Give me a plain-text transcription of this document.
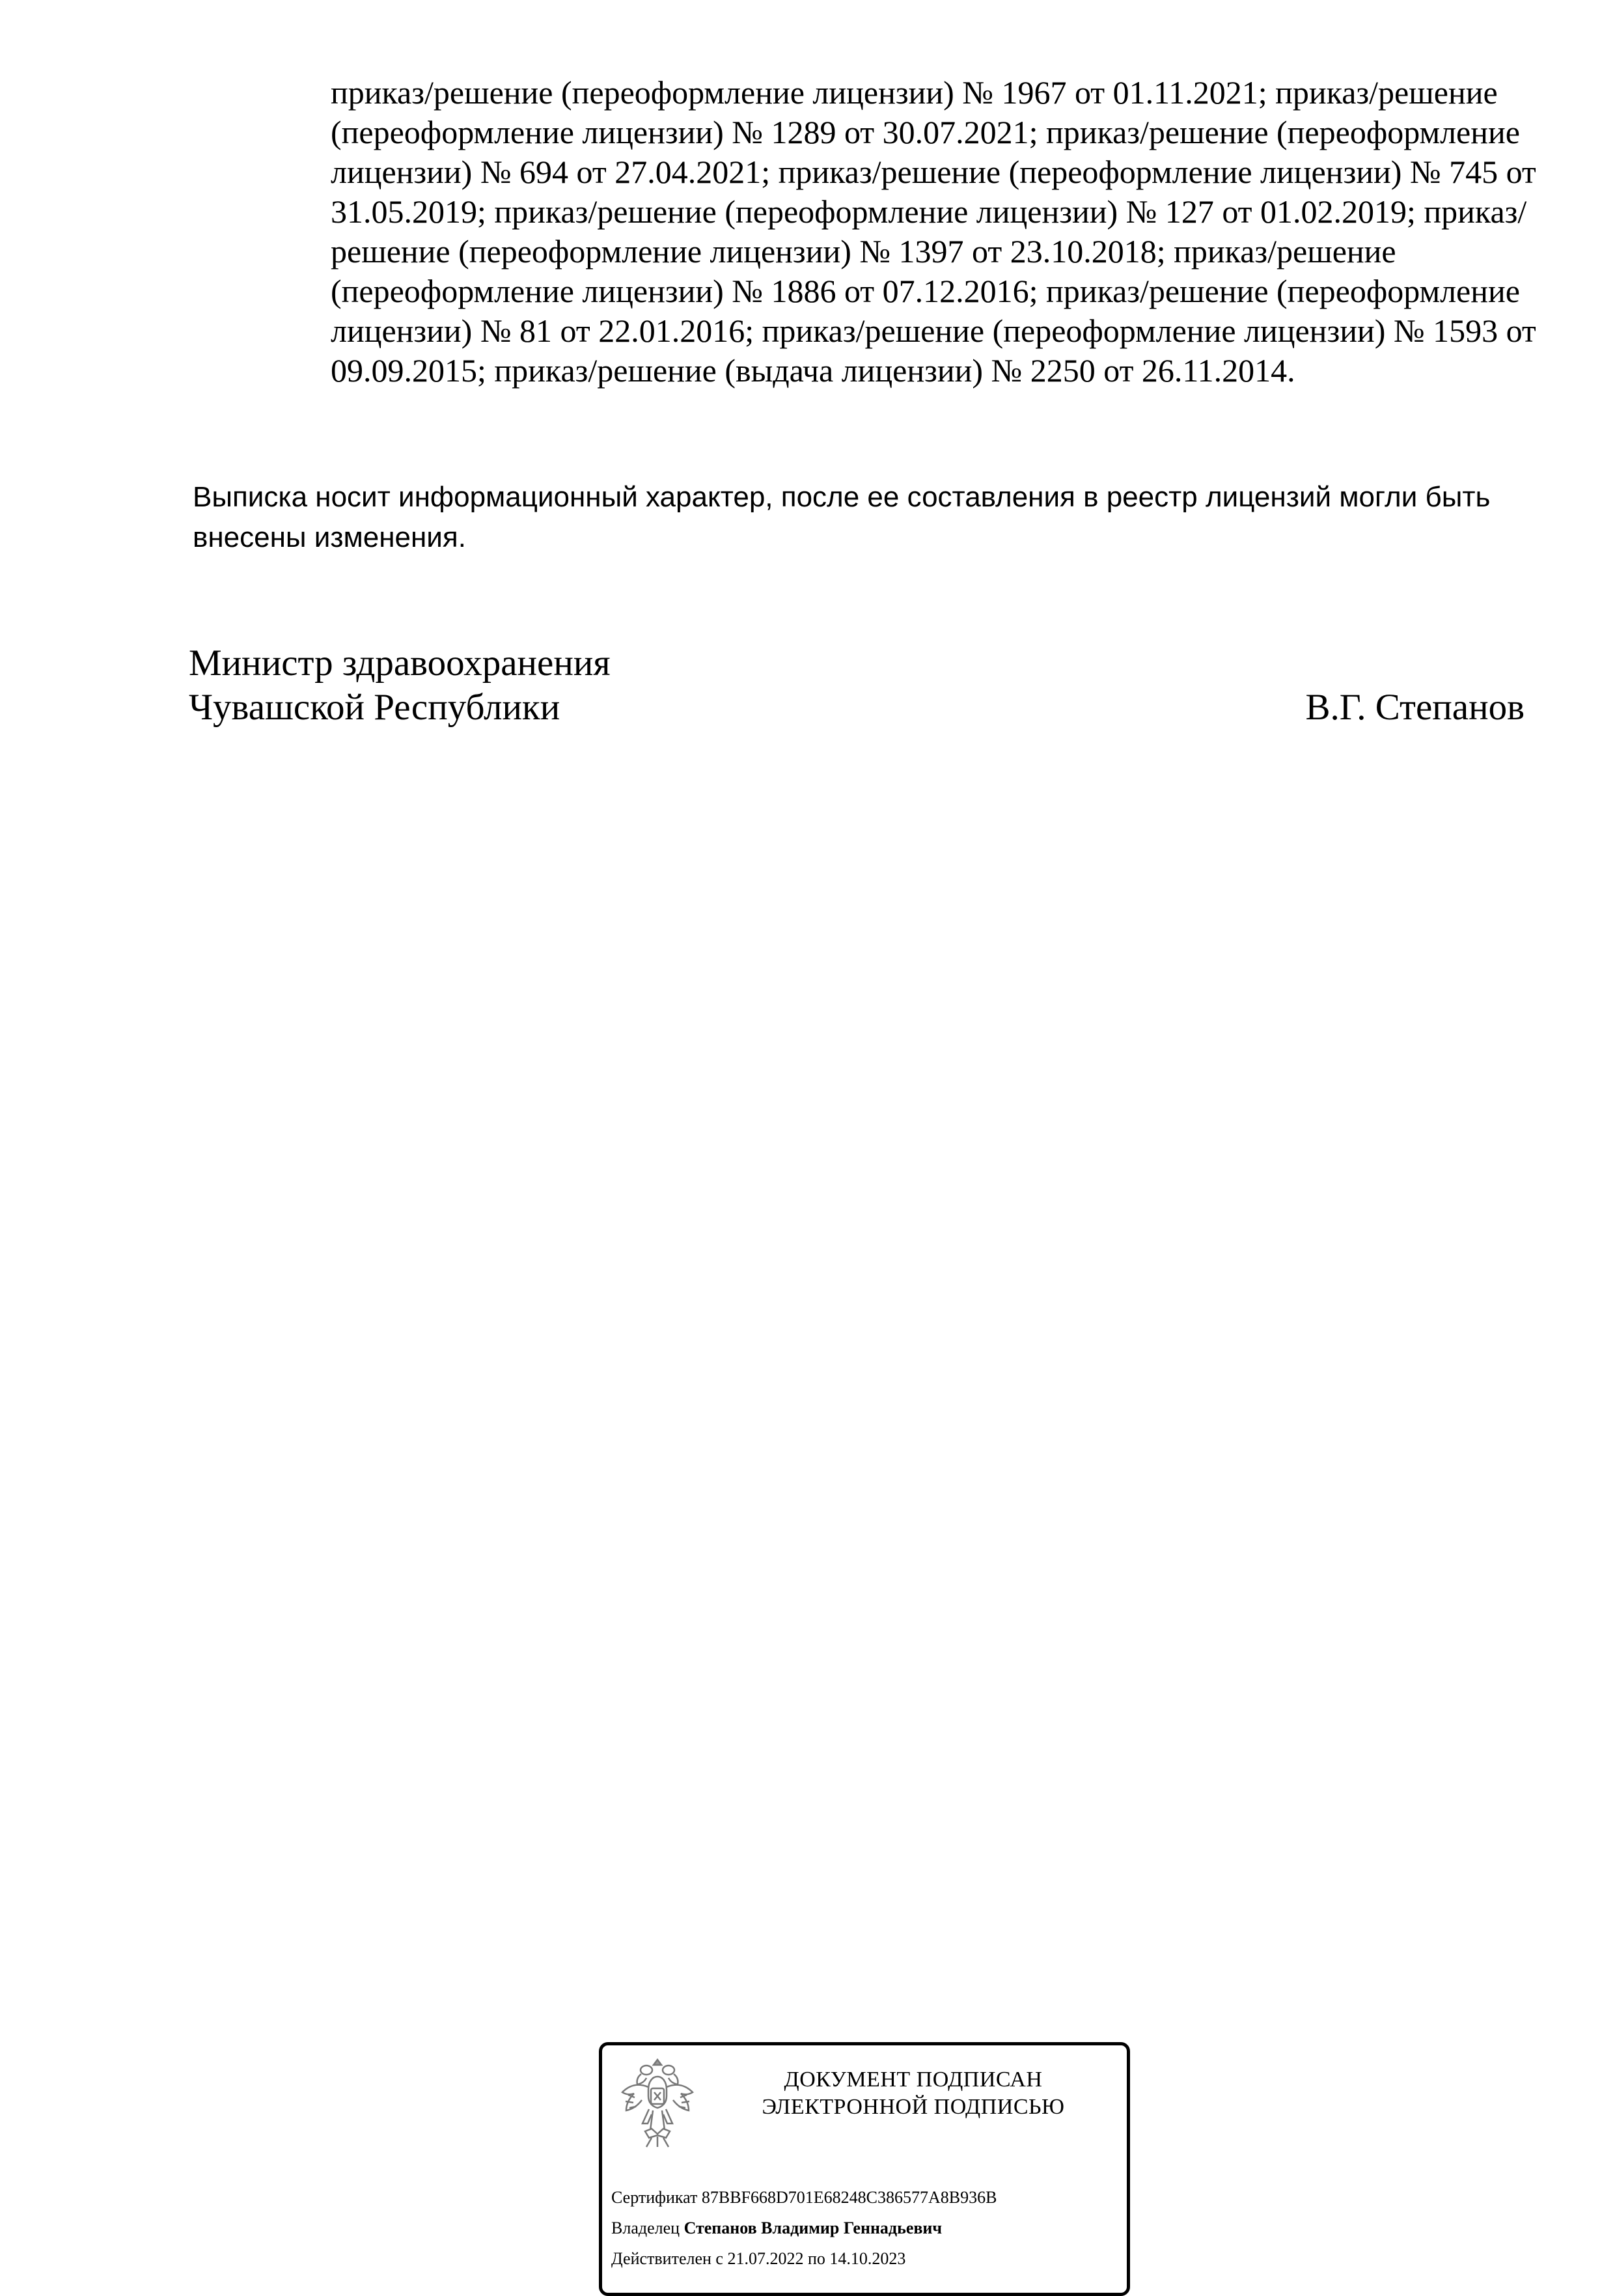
приказ/решение (переоформление лицензии) № 1967 от 01.11.2021; приказ/решение (переоформление лицензии) № 1289 от 30.07.2021; приказ/решение (переоформление лицензии) № 694 от 27.04.2021; приказ/решение (переоформление лицензии) № 745 от 31.05.2019; приказ/решение (переоформление лицензии) № 127 от 01.02.2019; приказ/решение (переоформление лицензии) № 1397 от 23.10.2018; приказ/решение (переоформление лицензии) № 1886 от 07.12.2016; приказ/решение (переоформление лицензии) № 81 от 22.01.2016; приказ/решение (переоформление лицензии) № 1593 от 09.09.2015; приказ/решение (выдача лицензии) № 2250 от 26.11.2014.
Выписка носит информационный характер, после ее составления в реестр лицензий могли быть внесены изменения.
Министр здравоохранения
Чувашской Республики	В.Г. Степанов
ДОКУМЕНТ ПОДПИСАН
ЭЛЕКТРОННОЙ ПОДПИСЬЮ
Сертификат 87BBF668D701E68248C386577A8B936B
Владелец Степанов Владимир Геннадьевич
Действителен с 21.07.2022 по 14.10.2023
